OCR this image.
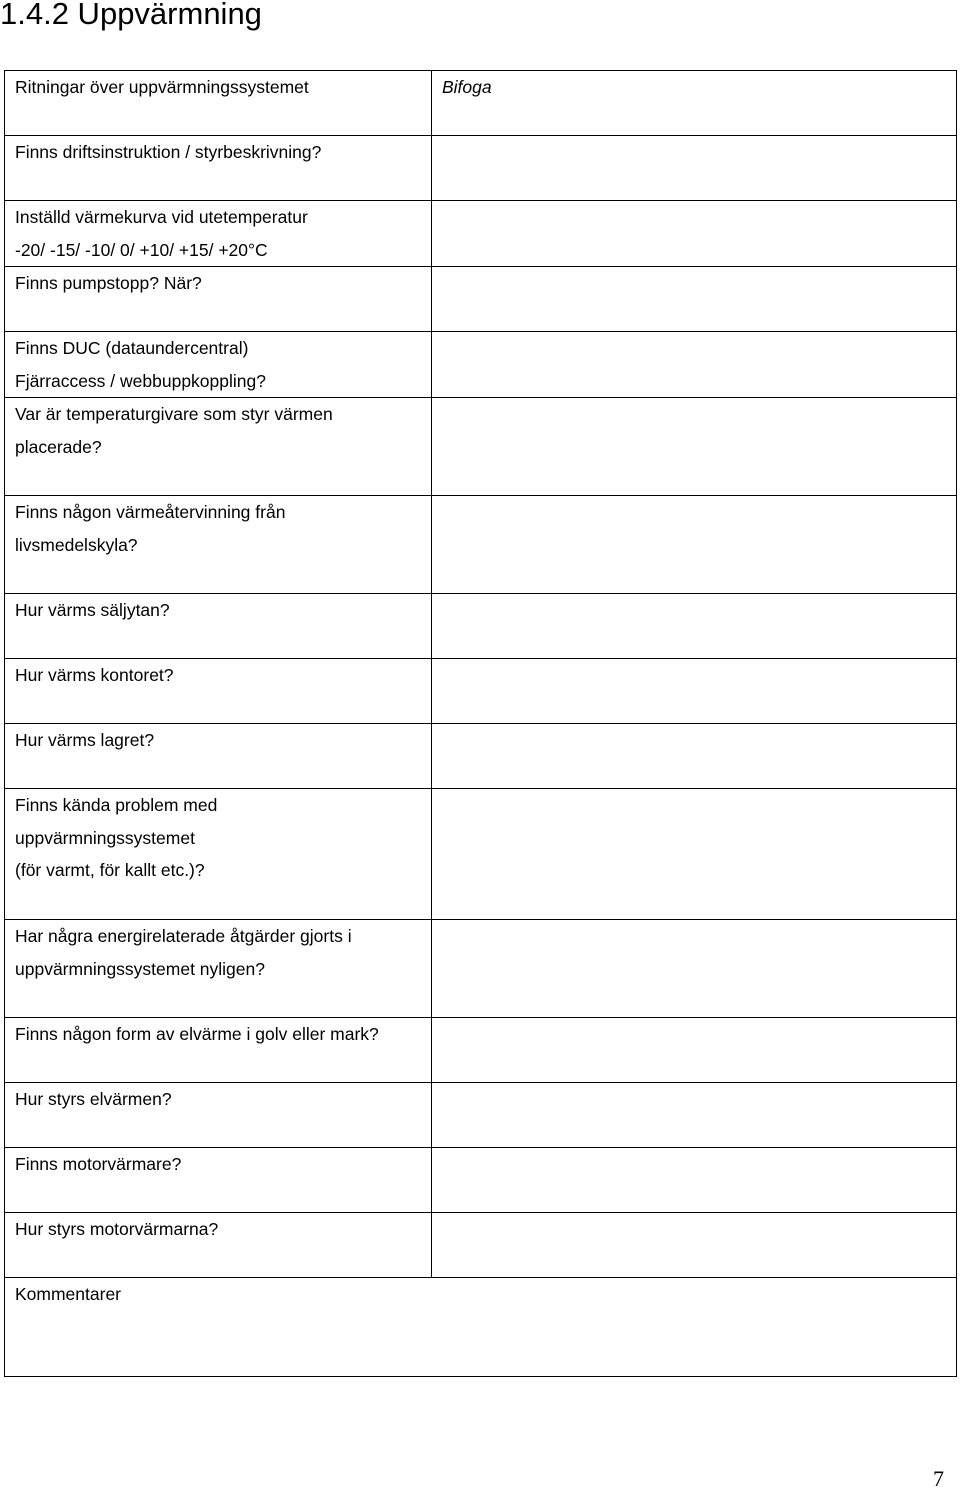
1.4.2 Uppvärmning
Ritningar över uppvärmningssystemet	Bifoga

Finns driftsinstruktion / styrbeskrivning?	

Inställd värmekurva vid utetemperatur
-20/ -15/ -10/ 0/ +10/ +15/ +20°C	

Finns pumpstopp? När?	

Finns DUC (dataundercentral)
Fjärraccess / webbuppkoppling?	

Var är temperaturgivare som styr värmen
placerade?	

Finns någon värmeåtervinning från
livsmedelskyla?	

Hur värms säljytan?	

Hur värms kontoret?	

Hur värms lagret?	

Finns kända problem med
uppvärmningssystemet
(för varmt, för kallt etc.)?	

Har några energirelaterade åtgärder gjorts i
uppvärmningssystemet nyligen?	

Finns någon form av elvärme i golv eller mark?	

Hur styrs elvärmen?	

Finns motorvärmare?	

Hur styrs motorvärmarna?	

Kommentarer	
7
